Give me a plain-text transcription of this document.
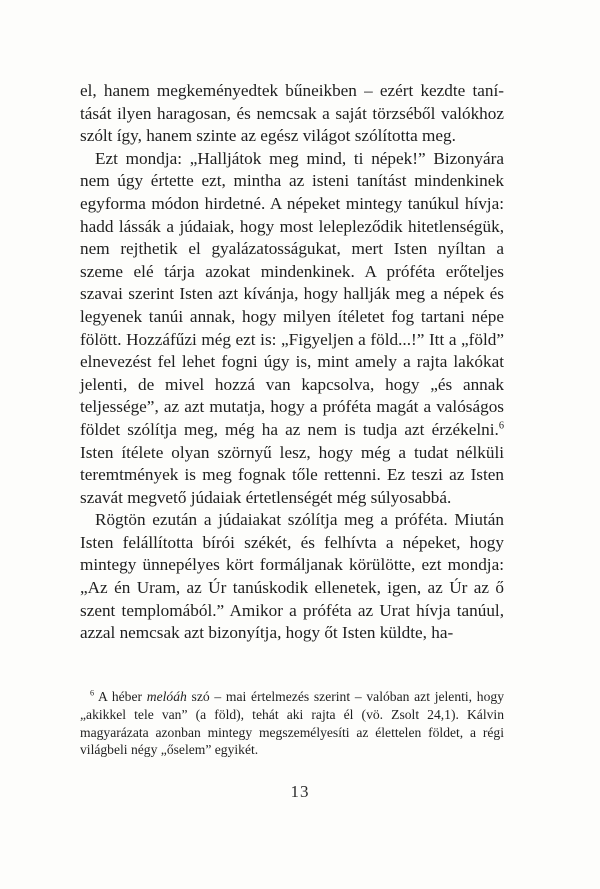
el, hanem megkeményedtek bűneikben – ezért kezdte tanítását ilyen haragosan, és nemcsak a saját törzséből valókhoz szólt így, hanem szinte az egész világot szólította meg.

Ezt mondja: „Halljátok meg mind, ti népek!” Bizonyára nem úgy értette ezt, mintha az isteni tanítást mindenkinek egyforma módon hirdetné. A népeket mintegy tanúkul hívja: hadd lássák a júdaiak, hogy most lelepleződik hitetlenségük, nem rejthetik el gyalázatosságukat, mert Isten nyíltan a szeme elé tárja azokat mindenkinek. A próféta erőteljes szavai szerint Isten azt kívánja, hogy hallják meg a népek és legyenek tanúi annak, hogy milyen ítéletet fog tartani népe fölött. Hozzáfűzi még ezt is: „Figyeljen a föld...!” Itt a „föld” elnevezést fel lehet fogni úgy is, mint amely a rajta lakókat jelenti, de mivel hozzá van kapcsolva, hogy „és annak teljessége”, az azt mutatja, hogy a próféta magát a valóságos földet szólítja meg, még ha az nem is tudja azt érzékelni.$^6$ Isten ítélete olyan szörnyű lesz, hogy még a tudat nélküli teremtmények is meg fognak tőle rettenni. Ez teszi az Isten szavát megvető júdaiak értetlenségét még súlyosabbá.

Rögtön ezután a júdaiakat szólítja meg a próféta. Miután Isten felállította bírói székét, és felhívta a népeket, hogy mintegy ünnepélyes kört formáljanak körülötte, ezt mondja: „Az én Uram, az Úr tanúskodik ellenetek, igen, az Úr az ő szent templomából.” Amikor a próféta az Urat hívja tanúul, azzal nemcsak azt bizonyítja, hogy őt Isten küldte, ha-

$^6$ A héber melóáh szó – mai értelmezés szerint – valóban azt jelenti, hogy „akikkel tele van” (a föld), tehát aki rajta él (vö. Zsolt 24,1). Kálvin magyarázata azonban mintegy megszemélyesíti az élettelen földet, a régi világbeli négy „őselem” egyikét.

13
